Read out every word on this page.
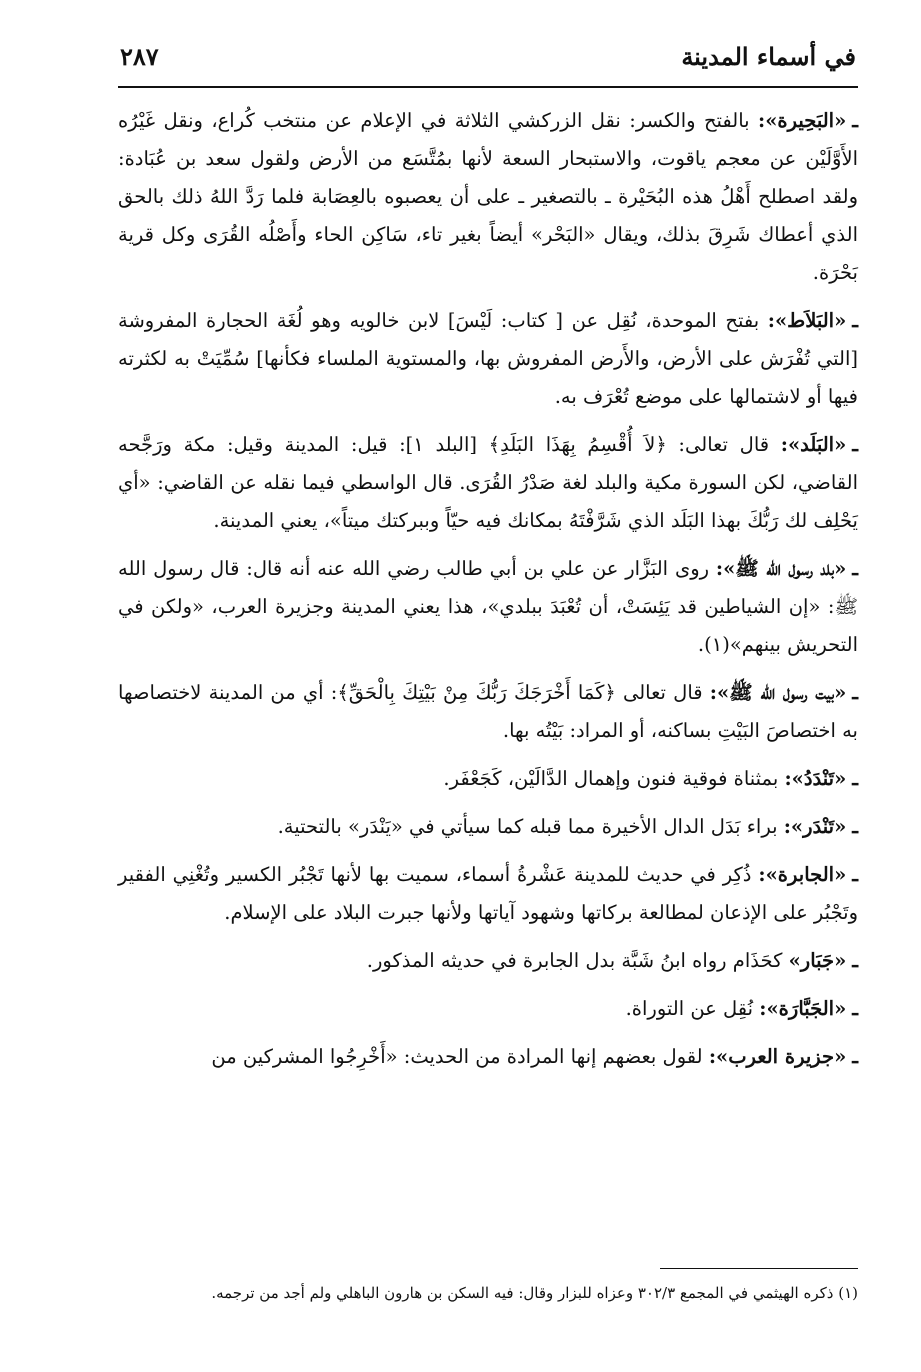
في أسماء المدينة
٢٨٧

ـ«البَحِيرة»: بالفتح والكسر: نقل الزركشي الثلاثة في الإعلام عن منتخب كُراع، ونقل غَيْرُه الأَوَّلَيْن عن معجم ياقوت، والاستبحار السعة لأنها بمُتَّسَع من الأرض ولقول سعد بن عُبَادة: ولقد اصطلح أَهْلُ هذه البُحَيْرة ـ بالتصغير ـ على أن يعصبوه بالعِصَابة فلما رَدَّ اللهُ ذلك بالحق الذي أعطاك شَرِقَ بذلك، ويقال «البَحْر» أيضاً بغير تاء، سَاكِن الحاء وأَصْلُه القُرَى وكل قرية بَحْرَة.

ـ«البَلاَط»: بفتح الموحدة، نُقِل عن [ كتاب: لَيْسَ] لابن خالويه وهو لُغَة الحجارة المفروشة [التي تُفْرَش على الأرض، والأَرض المفروش بها، والمستوية الملساء فكأنها] سُمِّيَتْ به لكثرته فيها أو لاشتمالها على موضع تُعْرَف به.

ـ«البَلَد»: قال تعالى: ﴿لاَ أُقْسِمُ بِهَذَا البَلَدِ﴾ [البلد ١]: قيل: المدينة وقيل: مكة ورَجَّحه القاضي، لكن السورة مكية والبلد لغة صَدْرُ القُرَى. قال الواسطي فيما نقله عن القاضي: «أي يَحْلِف لك رَبُّكَ بهذا البَلَد الذي شَرَّفْتَهُ بمكانك فيه حيّاً وببركتك ميتاً»، يعني المدينة.

ـ«بلد رسول الله ﷺ»: روى البَزَّار عن علي بن أبي طالب رضي الله عنه أنه قال: قال رسول الله ﷺ: «إن الشياطين قد يَئِسَتْ، أن تُعْبَدَ ببلدي»، هذا يعني المدينة وجزيرة العرب، «ولكن في التحريش بينهم»(١).

ـ«بيت رسول الله ﷺ»: قال تعالى ﴿كَمَا أَخْرَجَكَ رَبُّكَ مِنْ بَيْتِكَ بِالْحَقِّ﴾: أي من المدينة لاختصاصها به اختصاصَ البَيْتِ بساكنه، أو المراد: بَيْتُه بها.

ـ«تَنْدَدُ»: بمثناة فوقية فنون وإهمال الدَّالَيْن، كَجَعْفَر.

ـ«تَنْدَر»: براء بَدَل الدال الأخيرة مما قبله كما سيأتي في «يَنْدَر» بالتحتية.

ـ«الجابرة»: ذُكِر في حديث للمدينة عَشْرةُ أسماء، سميت بها لأنها تَجْبُر الكسير وتُغْنِي الفقير وتَجْبُر على الإذعان لمطالعة بركاتها وشهود آياتها ولأنها جبرت البلاد على الإسلام.

ـ«جَبَار» كحَذَام رواه ابنُ شَبَّة بدل الجابرة في حديثه المذكور.

ـ«الجَبَّارَة»: نُقِل عن التوراة.

ـ«جزيرة العرب»: لقول بعضهم إنها المرادة من الحديث: «أَخْرِجُوا المشركين من

(١) ذكره الهيثمي في المجمع ٣٠٢/٣ وعزاه للبزار وقال: فيه السكن بن هارون الباهلي ولم أجد من ترجمه.
